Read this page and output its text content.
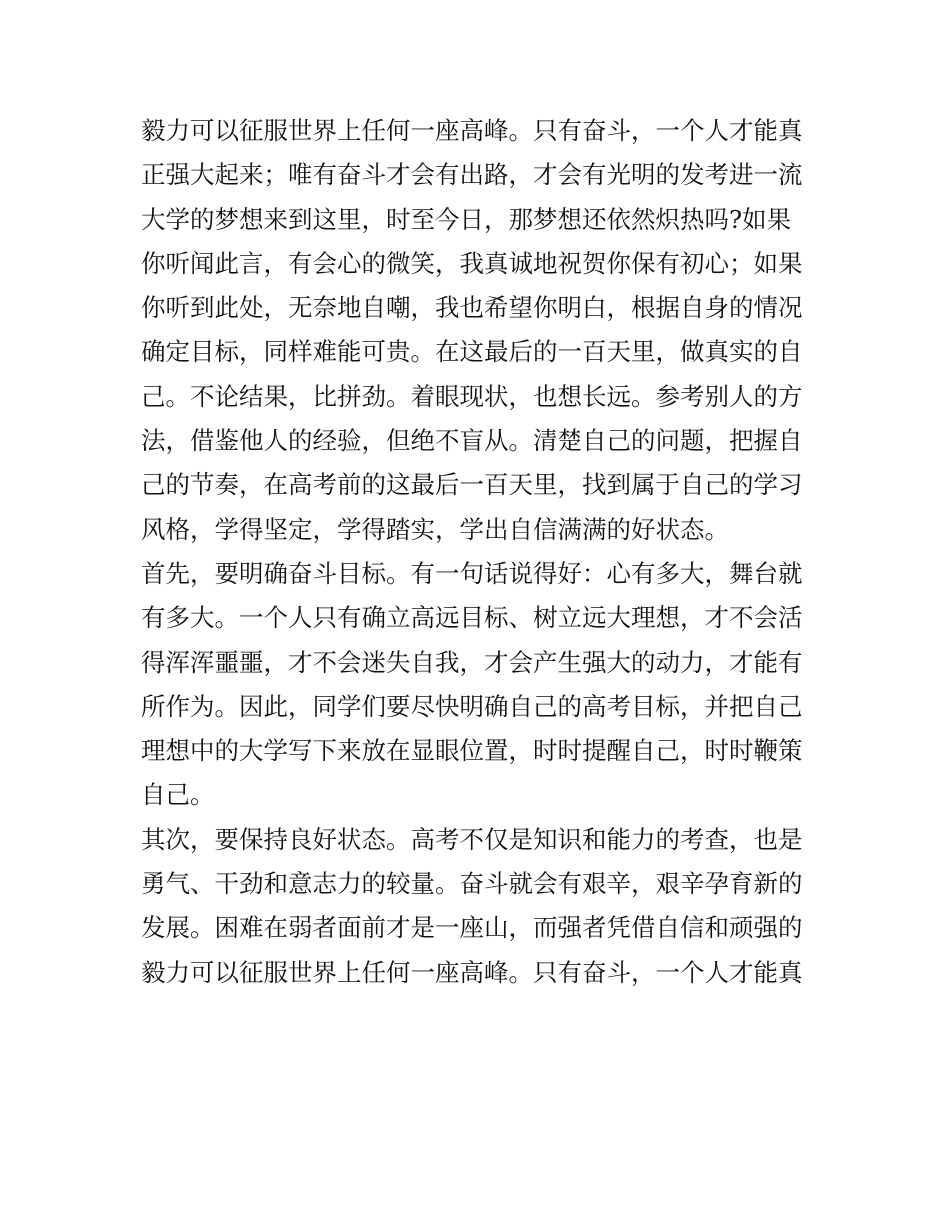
毅力可以征服世界上任何一座高峰。只有奋斗，一个人才能真
正强大起来；唯有奋斗才会有出路，才会有光明的发考进一流
大学的梦想来到这里，时至今日，那梦想还依然炽热吗?如果
你听闻此言，有会心的微笑，我真诚地祝贺你保有初心；如果
你听到此处，无奈地自嘲，我也希望你明白，根据自身的情况
确定目标，同样难能可贵。在这最后的一百天里，做真实的自
己。不论结果，比拼劲。着眼现状，也想长远。参考别人的方
法，借鉴他人的经验，但绝不盲从。清楚自己的问题，把握自
己的节奏，在高考前的这最后一百天里，找到属于自己的学习
风格，学得坚定，学得踏实，学出自信满满的好状态。

首先，要明确奋斗目标。有一句话说得好：心有多大，舞台就
有多大。一个人只有确立高远目标、树立远大理想，才不会活
得浑浑噩噩，才不会迷失自我，才会产生强大的动力，才能有
所作为。因此，同学们要尽快明确自己的高考目标，并把自己
理想中的大学写下来放在显眼位置，时时提醒自己，时时鞭策
自己。

其次，要保持良好状态。高考不仅是知识和能力的考查，也是
勇气、干劲和意志力的较量。奋斗就会有艰辛，艰辛孕育新的
发展。困难在弱者面前才是一座山，而强者凭借自信和顽强的
毅力可以征服世界上任何一座高峰。只有奋斗，一个人才能真
